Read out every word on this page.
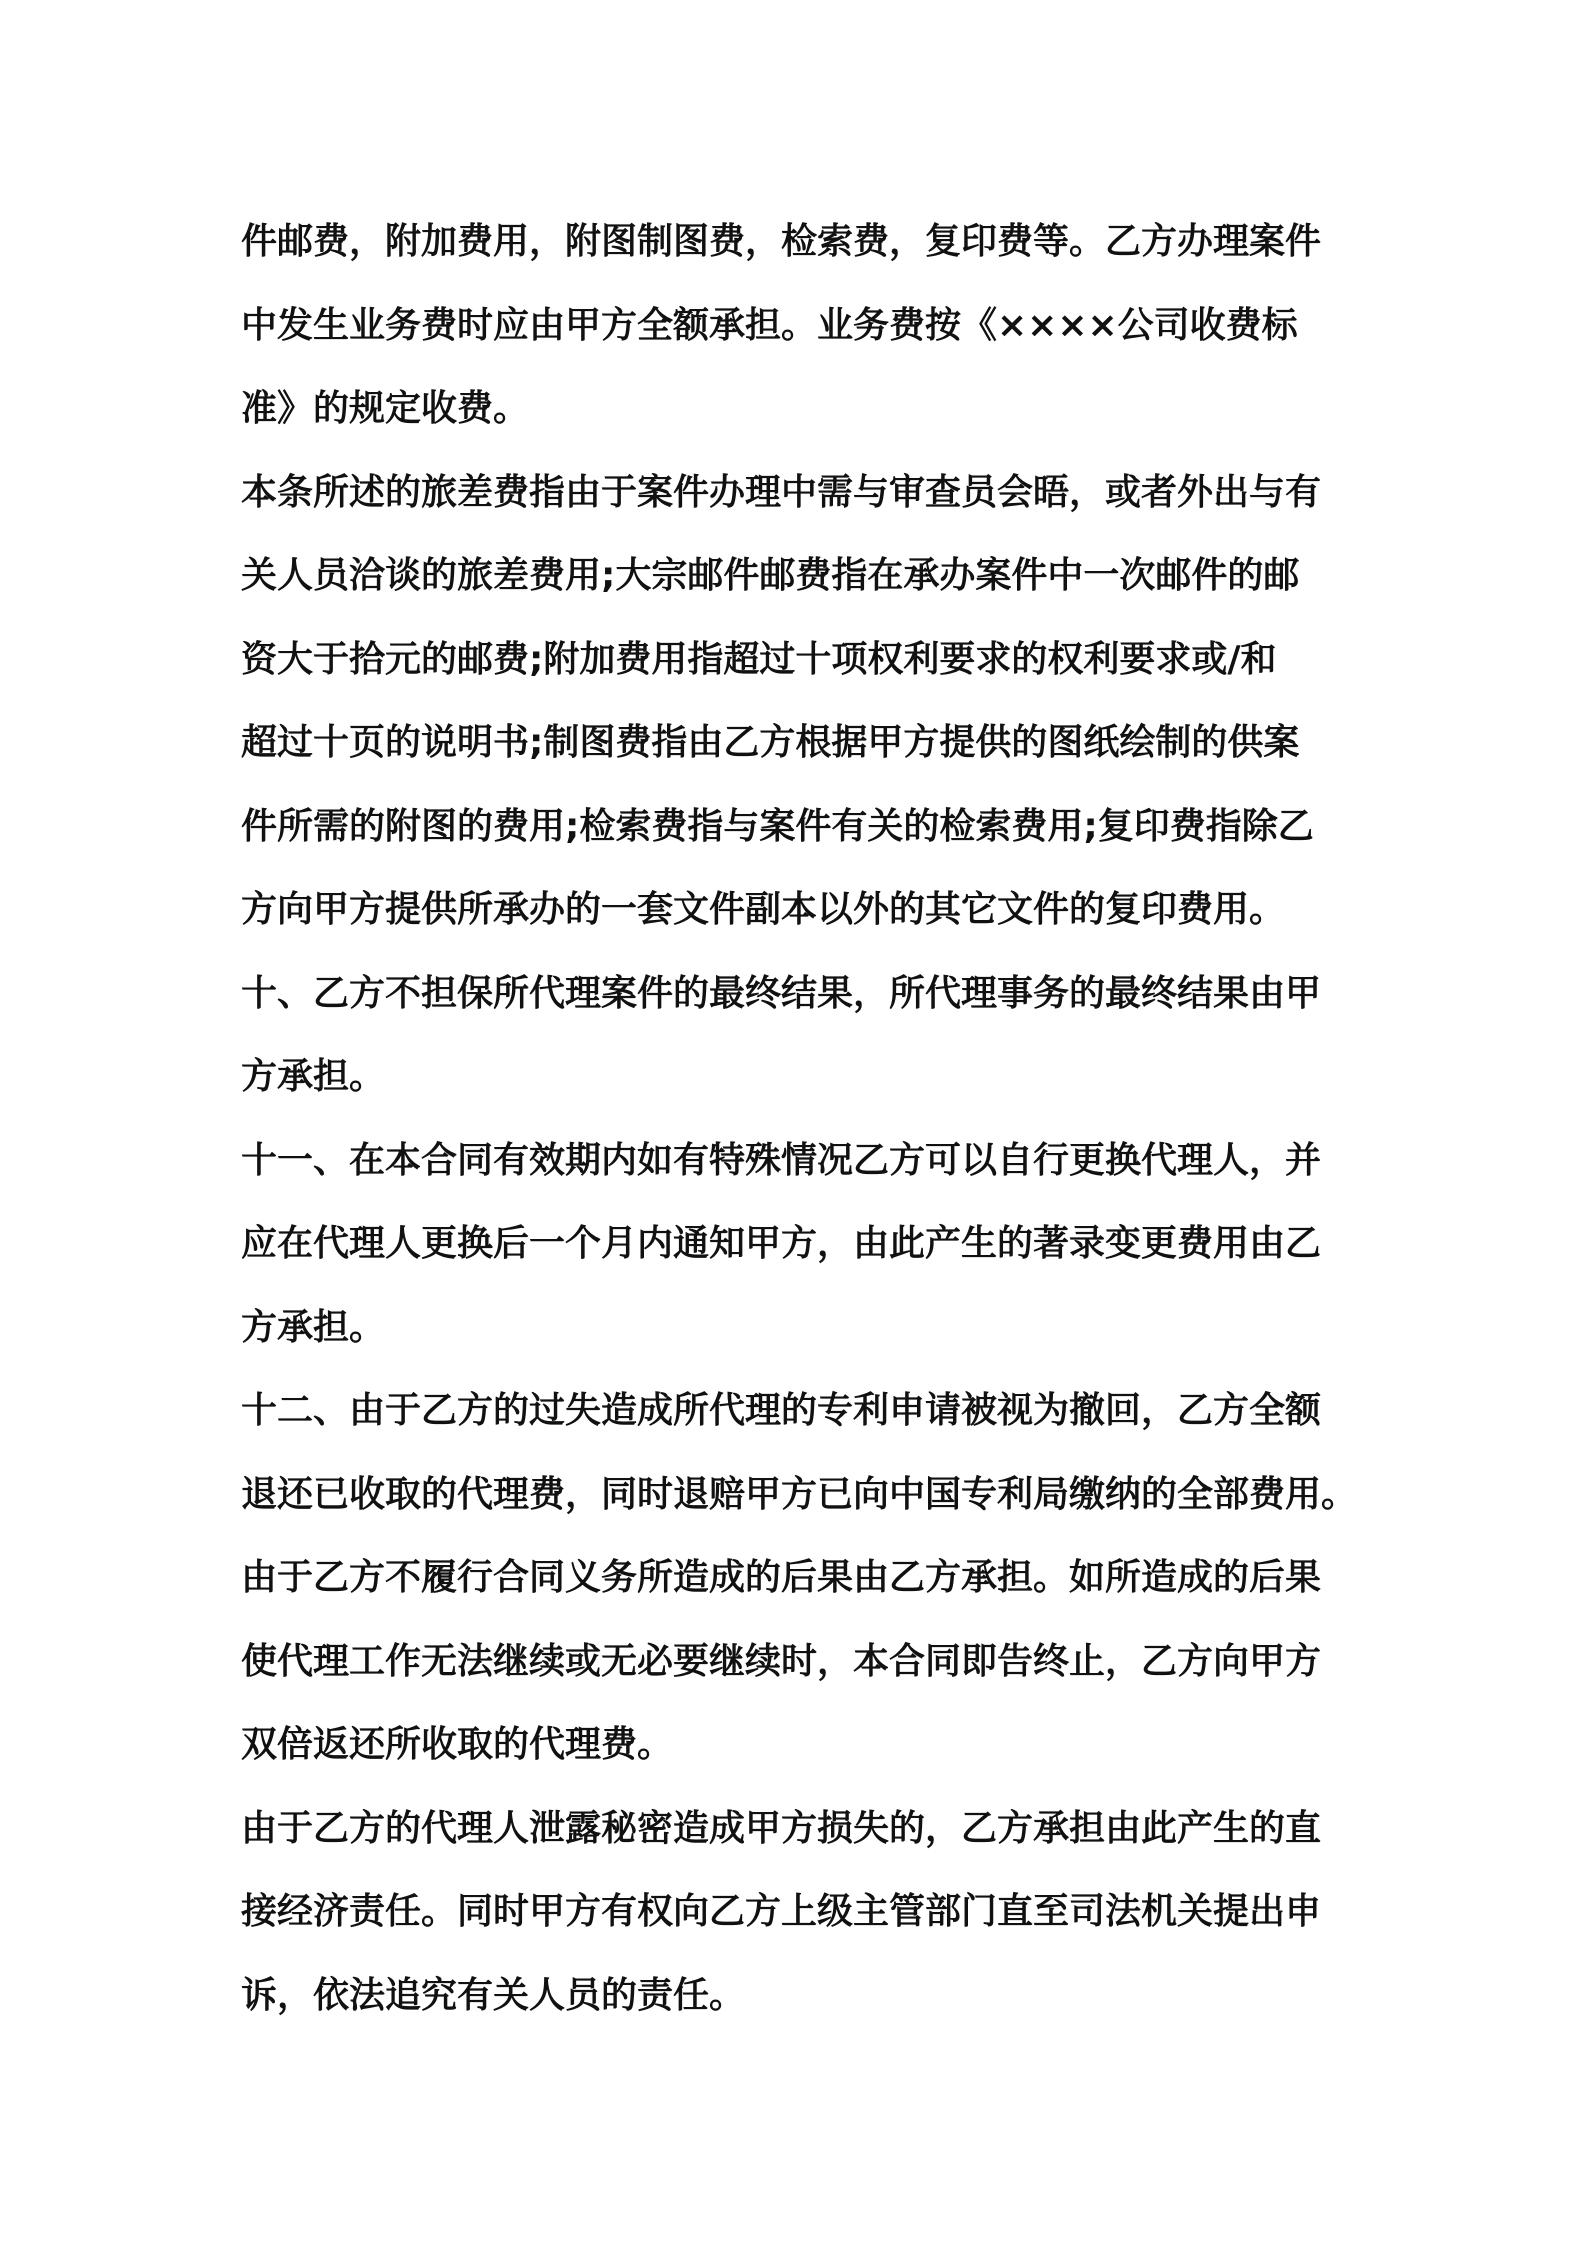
件邮费，附加费用，附图制图费，检索费，复印费等。乙方办理案件
中发生业务费时应由甲方全额承担。业务费按《××××公司收费标
准》的规定收费。

本条所述的旅差费指由于案件办理中需与审查员会晤，或者外出与有
关人员洽谈的旅差费用;大宗邮件邮费指在承办案件中一次邮件的邮
资大于拾元的邮费;附加费用指超过十项权利要求的权利要求或/和
超过十页的说明书;制图费指由乙方根据甲方提供的图纸绘制的供案
件所需的附图的费用;检索费指与案件有关的检索费用;复印费指除乙
方向甲方提供所承办的一套文件副本以外的其它文件的复印费用。

十、乙方不担保所代理案件的最终结果，所代理事务的最终结果由甲
方承担。

十一、在本合同有效期内如有特殊情况乙方可以自行更换代理人，并
应在代理人更换后一个月内通知甲方，由此产生的著录变更费用由乙
方承担。

十二、由于乙方的过失造成所代理的专利申请被视为撤回，乙方全额
退还已收取的代理费，同时退赔甲方已向中国专利局缴纳的全部费用。

由于乙方不履行合同义务所造成的后果由乙方承担。如所造成的后果
使代理工作无法继续或无必要继续时，本合同即告终止，乙方向甲方
双倍返还所收取的代理费。

由于乙方的代理人泄露秘密造成甲方损失的，乙方承担由此产生的直
接经济责任。同时甲方有权向乙方上级主管部门直至司法机关提出申
诉，依法追究有关人员的责任。
